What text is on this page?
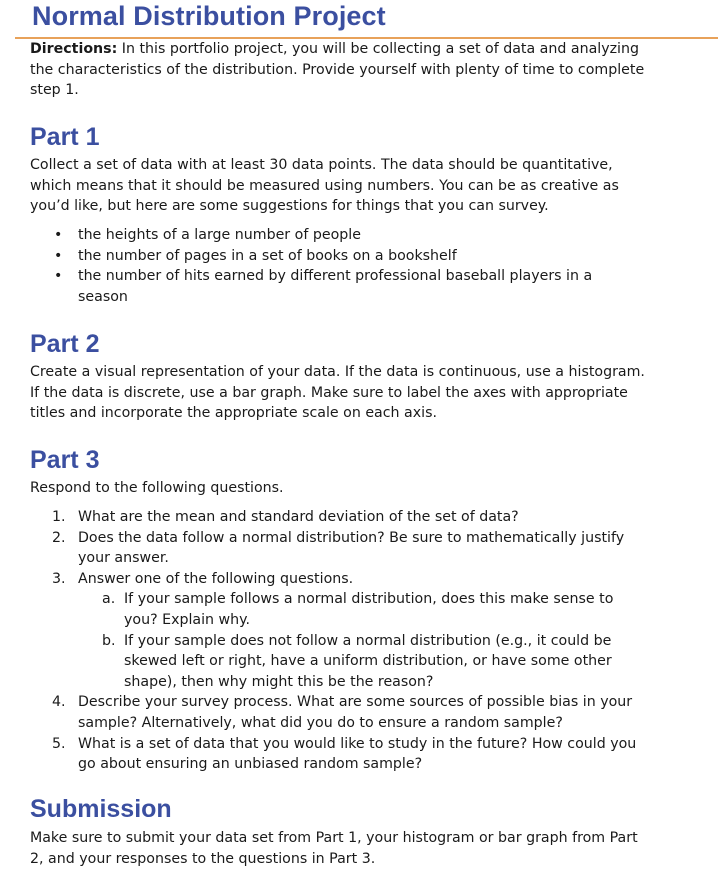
Normal Distribution Project

Directions: In this portfolio project, you will be collecting a set of data and analyzing the characteristics of the distribution. Provide yourself with plenty of time to complete step 1.

Part 1

Collect a set of data with at least 30 data points. The data should be quantitative, which means that it should be measured using numbers. You can be as creative as you’d like, but here are some suggestions for things that you can survey.

• the heights of a large number of people
• the number of pages in a set of books on a bookshelf
• the number of hits earned by different professional baseball players in a season
Part 2

Create a visual representation of your data. If the data is continuous, use a histogram. If the data is discrete, use a bar graph. Make sure to label the axes with appropriate titles and incorporate the appropriate scale on each axis.

Part 3

Respond to the following questions.

1. What are the mean and standard deviation of the set of data?
2. Does the data follow a normal distribution? Be sure to mathematically justify your answer.
3. Answer one of the following questions.
a. If your sample follows a normal distribution, does this make sense to you? Explain why.
b. If your sample does not follow a normal distribution (e.g., it could be skewed left or right, have a uniform distribution, or have some other shape), then why might this be the reason?
4. Describe your survey process. What are some sources of possible bias in your sample? Alternatively, what did you do to ensure a random sample?
5. What is a set of data that you would like to study in the future? How could you go about ensuring an unbiased random sample?
Submission

Make sure to submit your data set from Part 1, your histogram or bar graph from Part 2, and your responses to the questions in Part 3.
